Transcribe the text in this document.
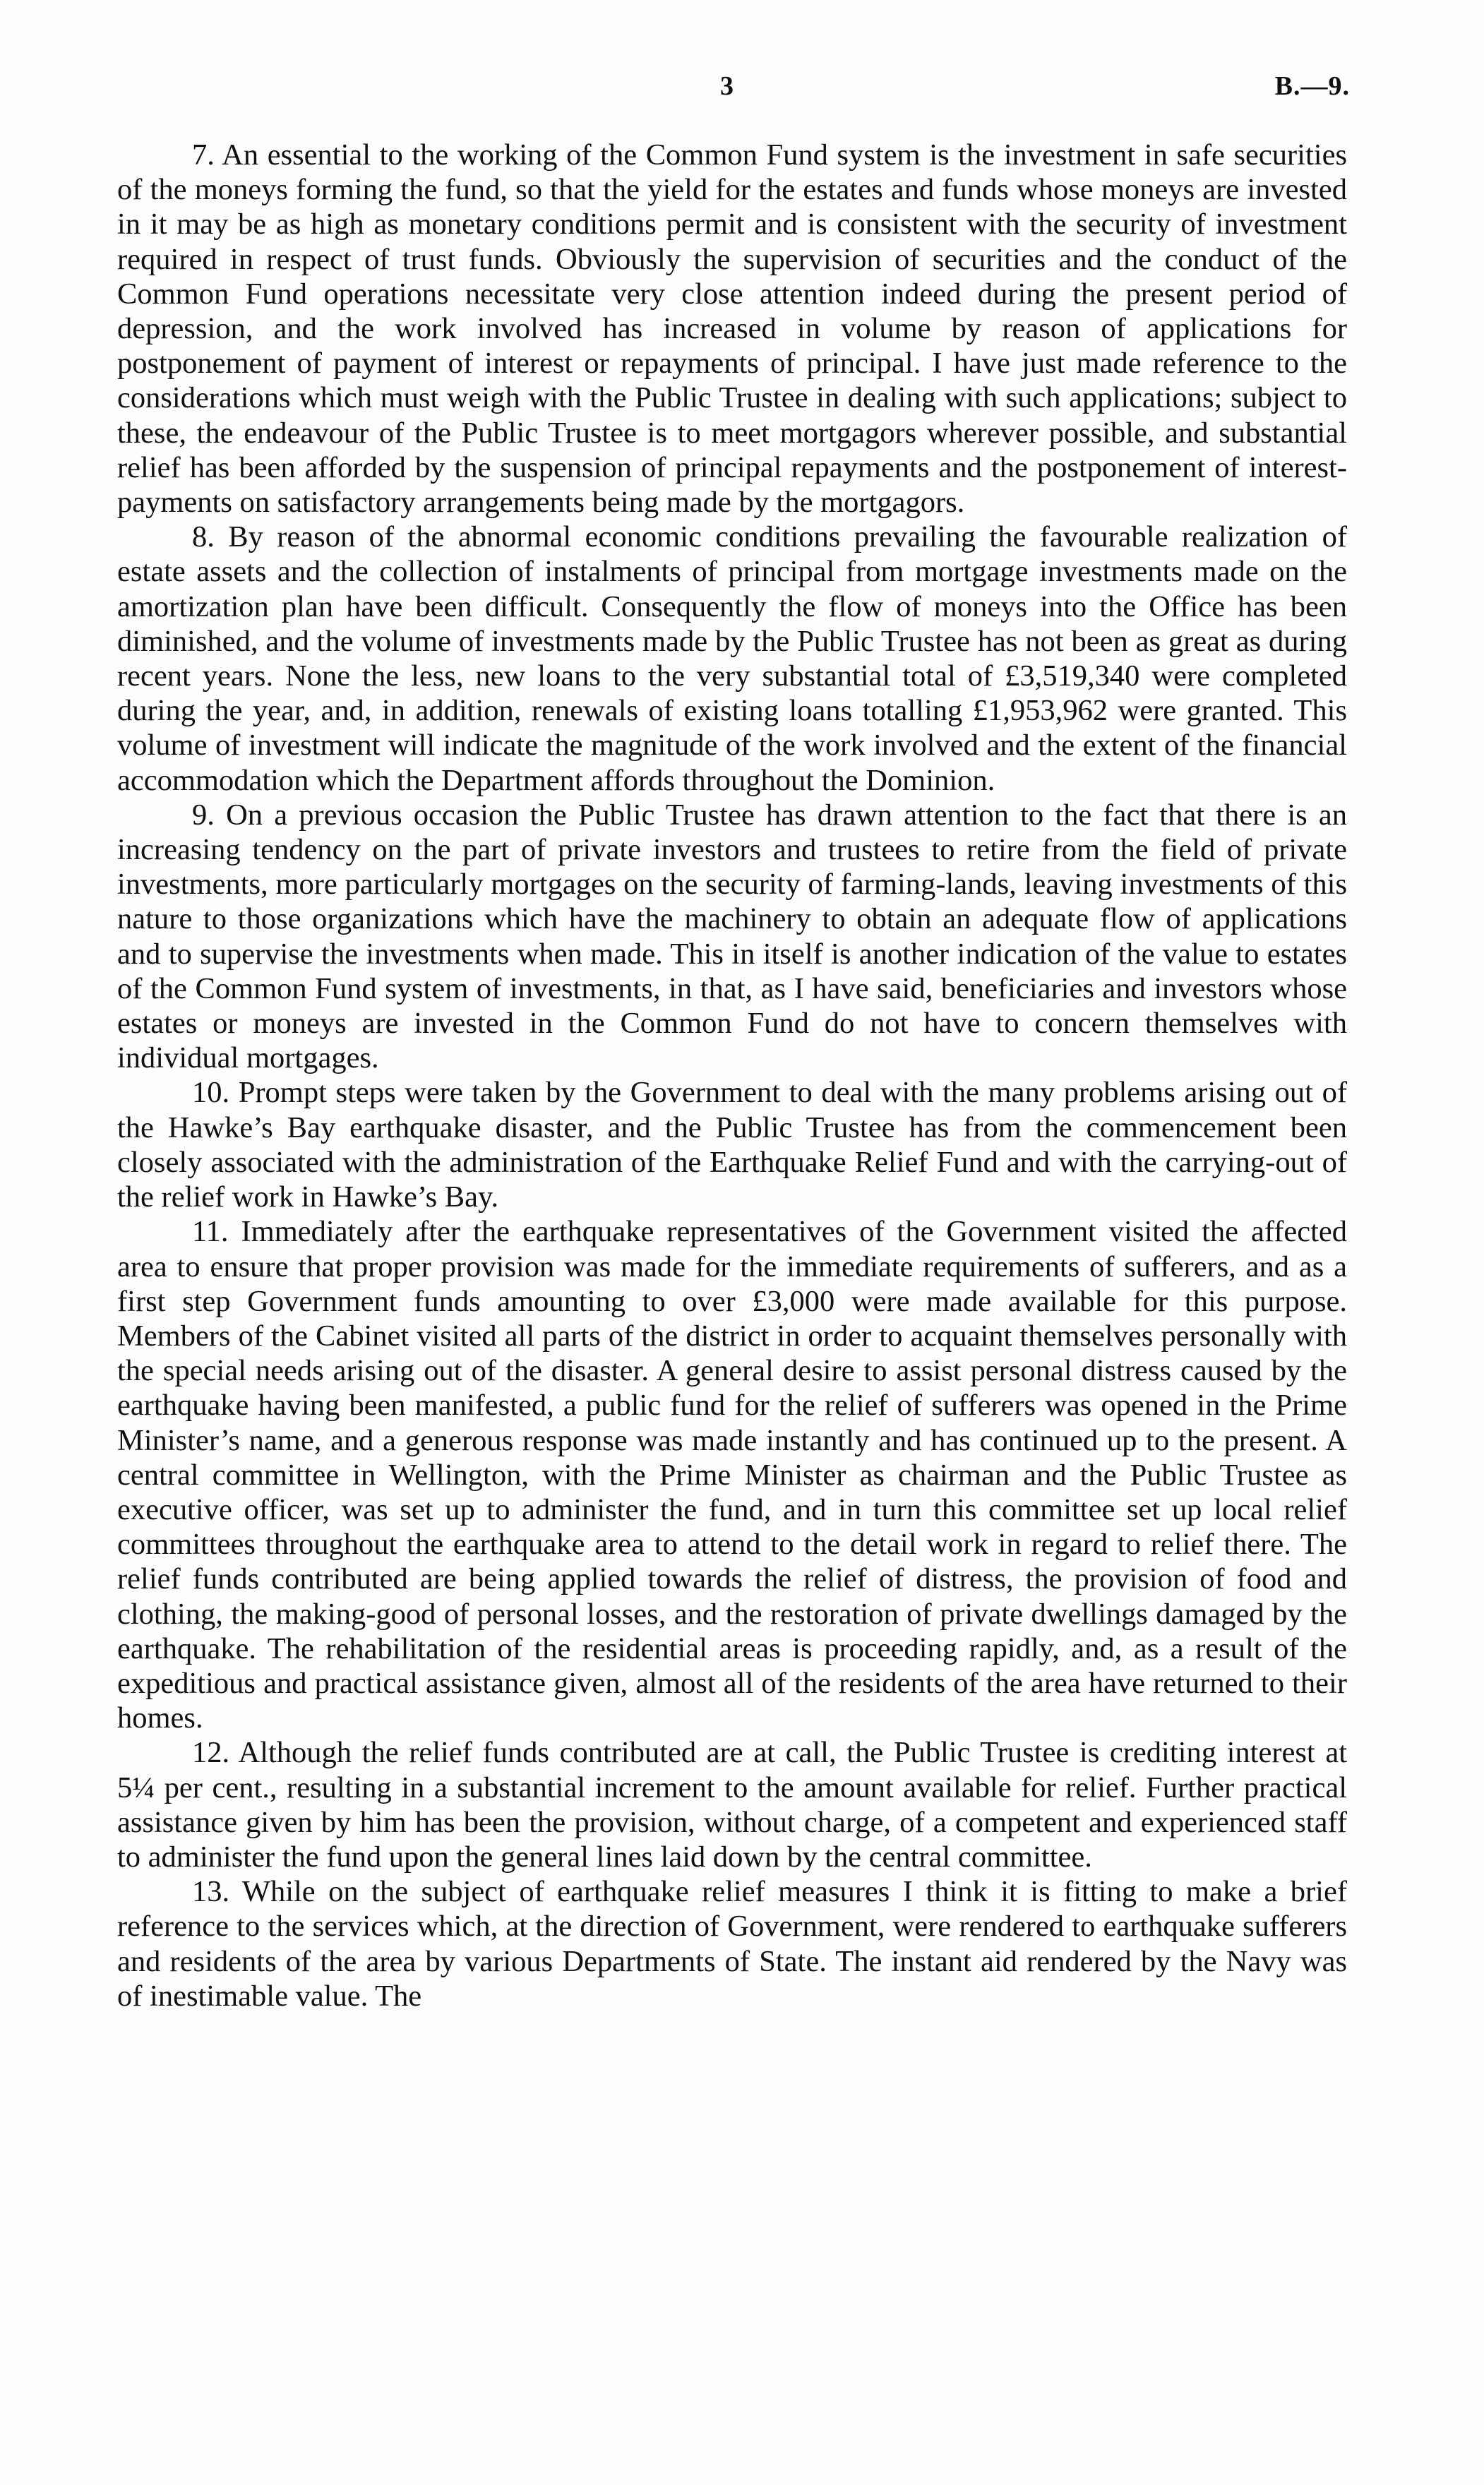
3	B.—9.

7. An essential to the working of the Common Fund system is the investment in safe securities of the moneys forming the fund, so that the yield for the estates and funds whose moneys are invested in it may be as high as monetary conditions permit and is consistent with the security of investment required in respect of trust funds. Obviously the supervision of securities and the conduct of the Common Fund operations necessitate very close attention indeed during the present period of depression, and the work involved has increased in volume by reason of applications for postponement of payment of interest or repayments of principal. I have just made reference to the considerations which must weigh with the Public Trustee in dealing with such applications; subject to these, the endeavour of the Public Trustee is to meet mortgagors wherever possible, and substantial relief has been afforded by the suspension of principal repayments and the postponement of interest-payments on satisfactory arrangements being made by the mortgagors.

8. By reason of the abnormal economic conditions prevailing the favourable realization of estate assets and the collection of instalments of principal from mortgage investments made on the amortization plan have been difficult. Consequently the flow of moneys into the Office has been diminished, and the volume of investments made by the Public Trustee has not been as great as during recent years. None the less, new loans to the very substantial total of £3,519,340 were completed during the year, and, in addition, renewals of existing loans totalling £1,953,962 were granted. This volume of investment will indicate the magnitude of the work involved and the extent of the financial accommodation which the Department affords throughout the Dominion.

9. On a previous occasion the Public Trustee has drawn attention to the fact that there is an increasing tendency on the part of private investors and trustees to retire from the field of private investments, more particularly mortgages on the security of farming-lands, leaving investments of this nature to those organizations which have the machinery to obtain an adequate flow of applications and to supervise the investments when made. This in itself is another indication of the value to estates of the Common Fund system of investments, in that, as I have said, beneficiaries and investors whose estates or moneys are invested in the Common Fund do not have to concern themselves with individual mortgages.

10. Prompt steps were taken by the Government to deal with the many problems arising out of the Hawke’s Bay earthquake disaster, and the Public Trustee has from the commencement been closely associated with the administration of the Earthquake Relief Fund and with the carrying-out of the relief work in Hawke’s Bay.

11. Immediately after the earthquake representatives of the Government visited the affected area to ensure that proper provision was made for the immediate requirements of sufferers, and as a first step Government funds amounting to over £3,000 were made available for this purpose. Members of the Cabinet visited all parts of the district in order to acquaint themselves personally with the special needs arising out of the disaster. A general desire to assist personal distress caused by the earthquake having been manifested, a public fund for the relief of sufferers was opened in the Prime Minister’s name, and a generous response was made instantly and has continued up to the present. A central committee in Wellington, with the Prime Minister as chairman and the Public Trustee as executive officer, was set up to administer the fund, and in turn this committee set up local relief committees throughout the earthquake area to attend to the detail work in regard to relief there. The relief funds contributed are being applied towards the relief of distress, the provision of food and clothing, the making-good of personal losses, and the restoration of private dwellings damaged by the earthquake. The rehabilitation of the residential areas is proceeding rapidly, and, as a result of the expeditious and practical assistance given, almost all of the residents of the area have returned to their homes.

12. Although the relief funds contributed are at call, the Public Trustee is crediting interest at 5¼ per cent., resulting in a substantial increment to the amount available for relief. Further practical assistance given by him has been the provision, without charge, of a competent and experienced staff to administer the fund upon the general lines laid down by the central committee.

13. While on the subject of earthquake relief measures I think it is fitting to make a brief reference to the services which, at the direction of Government, were rendered to earthquake sufferers and residents of the area by various Departments of State. The instant aid rendered by the Navy was of inestimable value. The
